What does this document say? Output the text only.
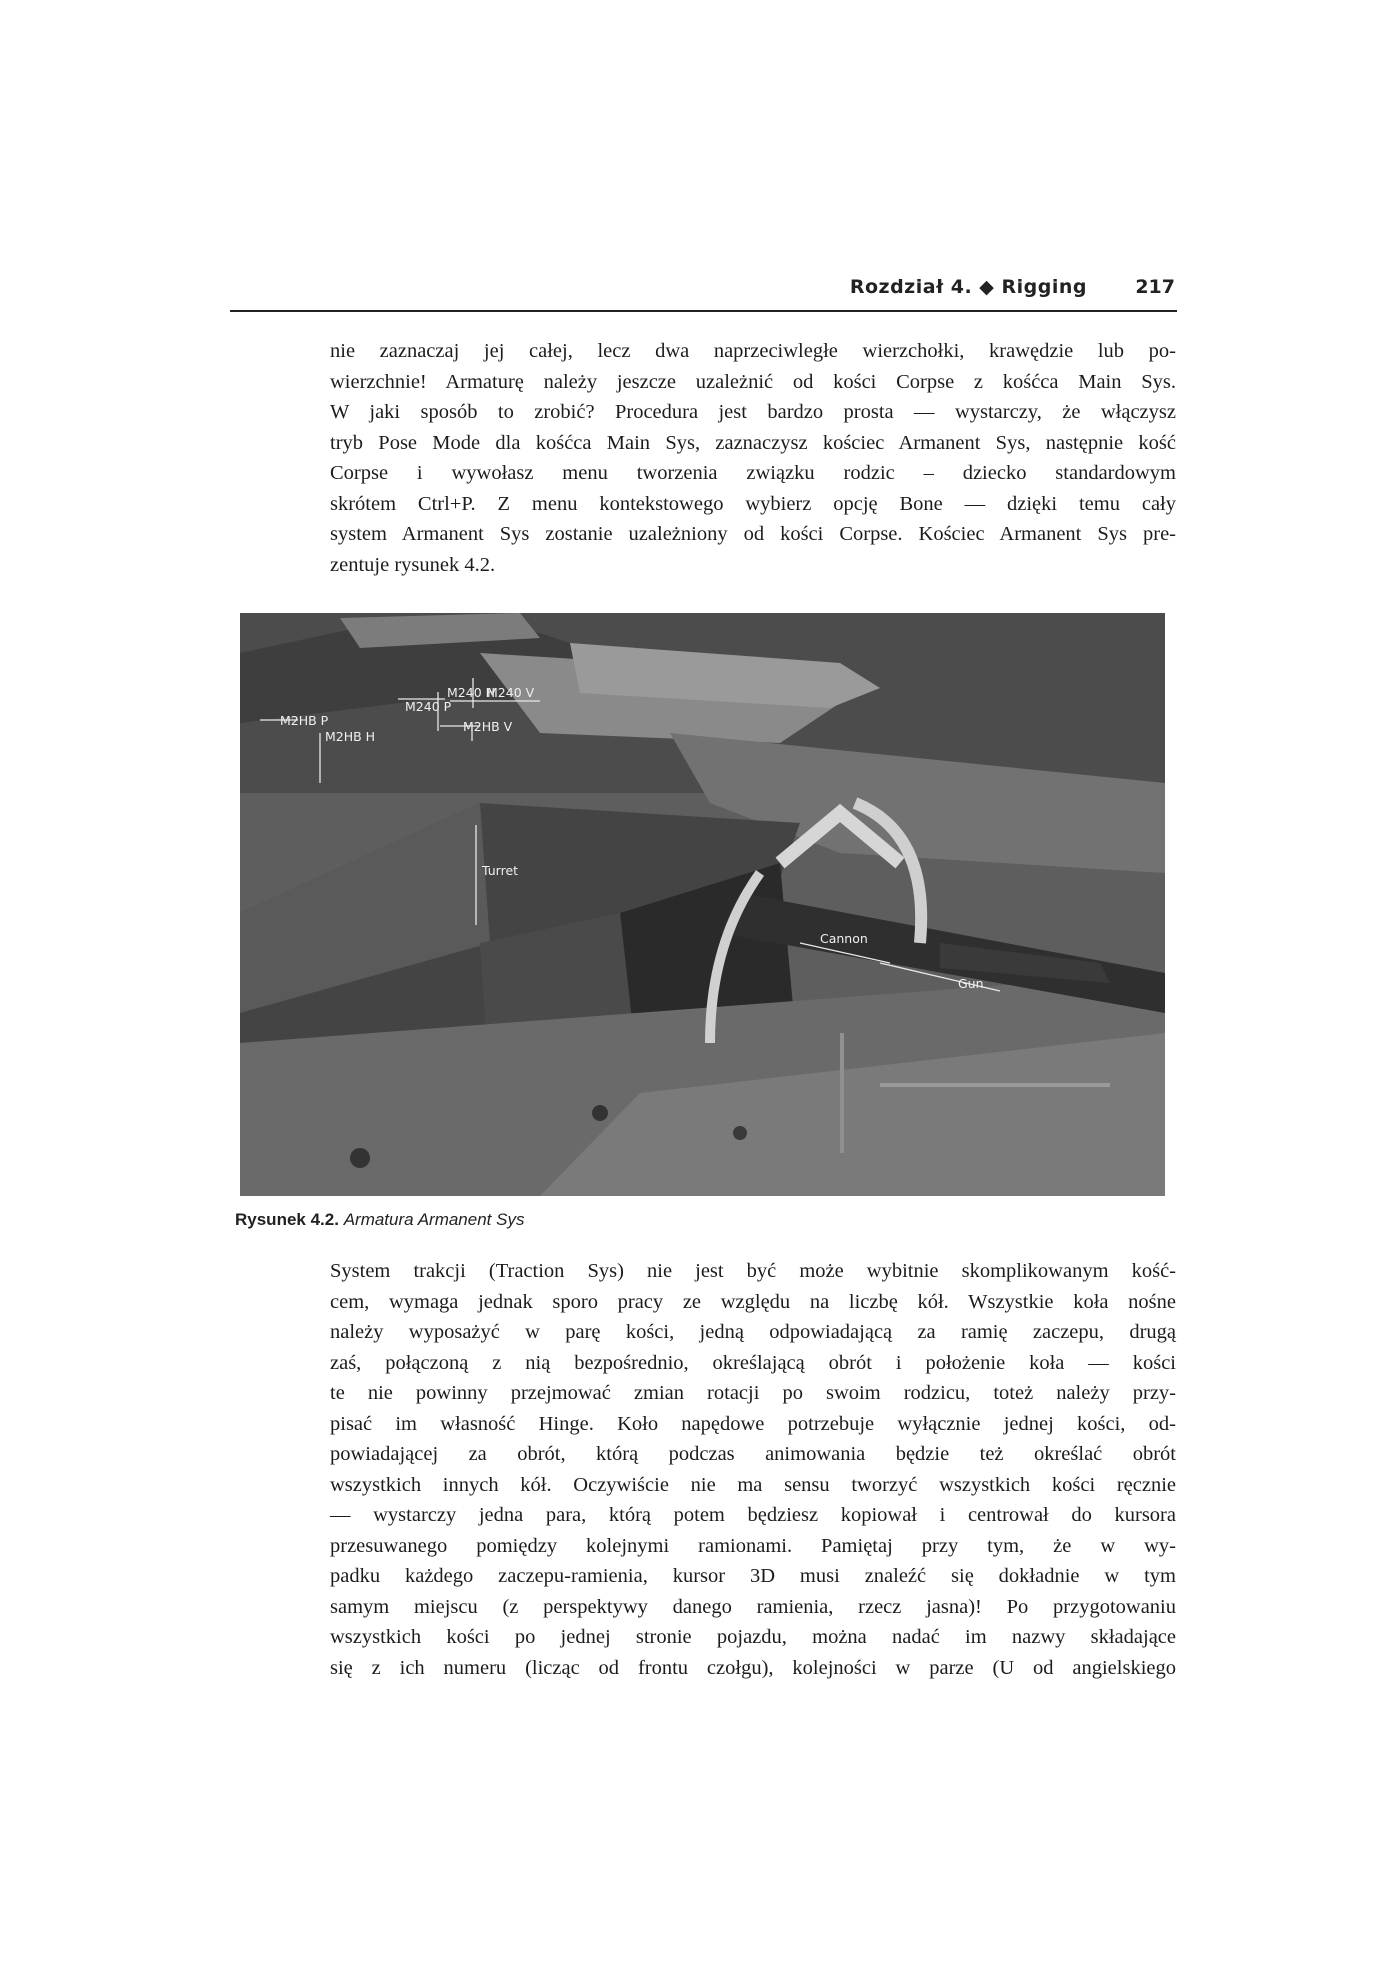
Rozdział 4. ◆ Rigging	217
nie zaznaczaj jej całej, lecz dwa naprzeciwległe wierzchołki, krawędzie lub po-
wierzchnie! Armaturę należy jeszcze uzależnić od kości Corpse z kośćca Main Sys.
W jaki sposób to zrobić? Procedura jest bardzo prosta — wystarczy, że włączysz
tryb Pose Mode dla kośćca Main Sys, zaznaczysz kościec Armanent Sys, następnie kość
Corpse i wywołasz menu tworzenia związku rodzic – dziecko standardowym
skrótem Ctrl+P. Z menu kontekstowego wybierz opcję Bone — dzięki temu cały
system Armanent Sys zostanie uzależniony od kości Corpse. Kościec Armanent Sys pre-
zentuje rysunek 4.2.
M240 H
M240 V
M240 P
M2HB P
M2HB H
M2HB V
Turret
Cannon
Gun
Rysunek 4.2. Armatura Armanent Sys
System trakcji (Traction Sys) nie jest być może wybitnie skomplikowanym kość-
cem, wymaga jednak sporo pracy ze względu na liczbę kół. Wszystkie koła nośne
należy wyposażyć w parę kości, jedną odpowiadającą za ramię zaczepu, drugą
zaś, połączoną z nią bezpośrednio, określającą obrót i położenie koła — kości
te nie powinny przejmować zmian rotacji po swoim rodzicu, toteż należy przy-
pisać im własność Hinge. Koło napędowe potrzebuje wyłącznie jednej kości, od-
powiadającej za obrót, którą podczas animowania będzie też określać obrót
wszystkich innych kół. Oczywiście nie ma sensu tworzyć wszystkich kości ręcznie
— wystarczy jedna para, którą potem będziesz kopiował i centrował do kursora
przesuwanego pomiędzy kolejnymi ramionami. Pamiętaj przy tym, że w wy-
padku każdego zaczepu-ramienia, kursor 3D musi znaleźć się dokładnie w tym
samym miejscu (z perspektywy danego ramienia, rzecz jasna)! Po przygotowaniu
wszystkich kości po jednej stronie pojazdu, można nadać im nazwy składające
się z ich numeru (licząc od frontu czołgu), kolejności w parze (U od angielskiego
